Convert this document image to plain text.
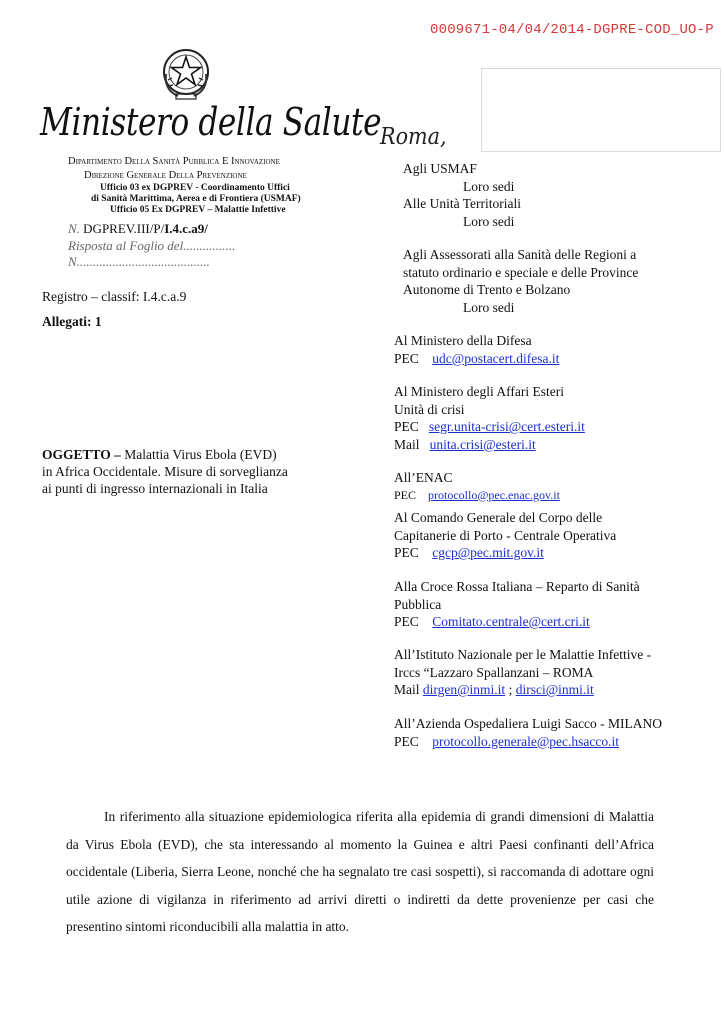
0009671-04/04/2014-DGPRE-COD_UO-P
Ministero della Salute
Roma,
Dipartimento Della Sanità Pubblica E Innovazione
Direzione Generale Della Prevenzione
Ufficio 03 ex DGPREV - Coordinamento Uffici
di Sanità Marittima, Aerea e di Frontiera (USMAF)
Ufficio 05 Ex DGPREV – Malattie Infettive
N. DGPREV.III/P/I.4.c.a9/
Risposta al Foglio del................
N.........................................
Registro – classif: I.4.c.a.9
Allegati: 1
OGGETTO – Malattia Virus Ebola (EVD)
in Africa Occidentale. Misure di sorveglianza
ai punti di ingresso internazionali in Italia
Agli USMAF
Loro sedi
Alle Unità Territoriali
Loro sedi
Agli Assessorati alla Sanità delle Regioni a
statuto ordinario e speciale e delle Province
Autonome di Trento e Bolzano
Loro sedi
Al Ministero della Difesa
PEC udc@postacert.difesa.it
Al Ministero degli Affari Esteri
Unità di crisi
PEC segr.unita-crisi@cert.esteri.it
Mail unita.crisi@esteri.it
All’ENAC
PEC protocollo@pec.enac.gov.it
Al Comando Generale del Corpo delle
Capitanerie di Porto - Centrale Operativa
PEC cgcp@pec.mit.gov.it
Alla Croce Rossa Italiana – Reparto di Sanità
Pubblica
PEC Comitato.centrale@cert.cri.it
All’Istituto Nazionale per le Malattie Infettive -
Irccs “Lazzaro Spallanzani – ROMA
Mail dirgen@inmi.it ; dirsci@inmi.it
All’Azienda Ospedaliera Luigi Sacco - MILANO
PEC protocollo.generale@pec.hsacco.it
In riferimento alla situazione epidemiologica riferita alla epidemia di grandi dimensioni di Malattia da Virus Ebola (EVD), che sta interessando al momento la Guinea e altri Paesi confinanti dell’Africa occidentale (Liberia, Sierra Leone, nonché che ha segnalato tre casi sospetti), si raccomanda di adottare ogni utile azione di vigilanza in riferimento ad arrivi diretti o indiretti da dette provenienze per casi che presentino sintomi riconducibili alla malattia in atto.
